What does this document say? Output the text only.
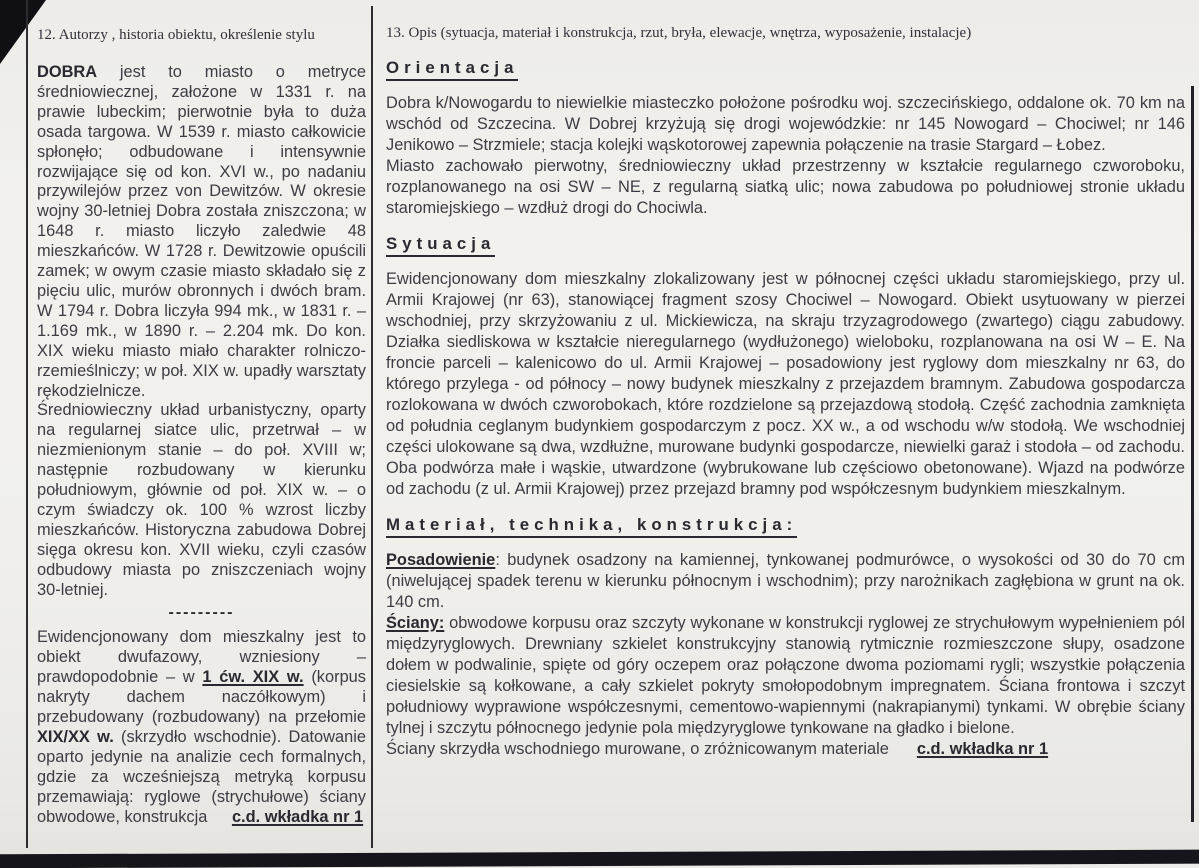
12. Autorzy , historia obiektu, określenie stylu

DOBRA jest to miasto o metryce średniowiecznej, założone w 1331 r. na prawie lubeckim; pierwotnie była to duża osada targowa. W 1539 r. miasto całkowicie spłonęło; odbudowane i intensywnie rozwijające się od kon. XVI w., po nadaniu przywilejów przez von Dewitzów. W okresie wojny 30-letniej Dobra została zniszczona; w 1648 r. miasto liczyło zaledwie 48 mieszkańców. W 1728 r. Dewitzowie opuścili zamek; w owym czasie miasto składało się z pięciu ulic, murów obronnych i dwóch bram. W 1794 r. Dobra liczyła 994 mk., w 1831 r. – 1.169 mk., w 1890 r. – 2.204 mk. Do kon. XIX wieku miasto miało charakter rolniczo-rzemieślniczy; w poł. XIX w. upadły warsztaty rękodzielnicze.

Średniowieczny układ urbanistyczny, oparty na regularnej siatce ulic, przetrwał – w niezmienionym stanie – do poł. XVIII w; następnie rozbudowany w kierunku południowym, głównie od poł. XIX w. – o czym świadczy ok. 100 % wzrost liczby mieszkańców. Historyczna zabudowa Dobrej sięga okresu kon. XVII wieku, czyli czasów odbudowy miasta po zniszczeniach wojny 30-letniej.

---------

Ewidencjonowany dom mieszkalny jest to obiekt dwufazowy, wzniesiony – prawdopodobnie – w 1 ćw. XIX w. (korpus nakryty dachem naczółkowym) i przebudowany (rozbudowany) na przełomie XIX/XX w. (skrzydło wschodnie). Datowanie oparto jedynie na analizie cech formalnych, gdzie za wcześniejszą metryką korpusu przemawiają: ryglowe (strychułowe) ściany obwodowe, konstrukcja c.d. wkładka nr 1

13. Opis (sytuacja, materiał i konstrukcja, rzut, bryła, elewacje, wnętrza, wyposażenie, instalacje)
Orientacja

Dobra k/Nowogardu to niewielkie miasteczko położone pośrodku woj. szczecińskiego, oddalone ok. 70 km na wschód od Szczecina. W Dobrej krzyżują się drogi wojewódzkie: nr 145 Nowogard – Chociwel; nr 146 Jenikowo – Strzmiele; stacja kolejki wąskotorowej zapewnia połączenie na trasie Stargard – Łobez.

Miasto zachowało pierwotny, średniowieczny układ przestrzenny w kształcie regularnego czworoboku, rozplanowanego na osi SW – NE, z regularną siatką ulic; nowa zabudowa po południowej stronie układu staromiejskiego – wzdłuż drogi do Chociwla.

Sytuacja

Ewidencjonowany dom mieszkalny zlokalizowany jest w północnej części układu staromiejskiego, przy ul. Armii Krajowej (nr 63), stanowiącej fragment szosy Chociwel – Nowogard. Obiekt usytuowany w pierzei wschodniej, przy skrzyżowaniu z ul. Mickiewicza, na skraju trzyzagrodowego (zwartego) ciągu zabudowy. Działka siedliskowa w kształcie nieregularnego (wydłużonego) wieloboku, rozplanowana na osi W – E. Na froncie parceli – kalenicowo do ul. Armii Krajowej – posadowiony jest ryglowy dom mieszkalny nr 63, do którego przylega - od północy – nowy budynek mieszkalny z przejazdem bramnym. Zabudowa gospodarcza rozlokowana w dwóch czworobokach, które rozdzielone są przejazdową stodołą. Część zachodnia zamknięta od południa ceglanym budynkiem gospodarczym z pocz. XX w., a od wschodu w/w stodołą. We wschodniej części ulokowane są dwa, wzdłużne, murowane budynki gospodarcze, niewielki garaż i stodoła – od zachodu. Oba podwórza małe i wąskie, utwardzone (wybrukowane lub częściowo obetonowane). Wjazd na podwórze od zachodu (z ul. Armii Krajowej) przez przejazd bramny pod współczesnym budynkiem mieszkalnym.

Materiał, technika, konstrukcja:

Posadowienie: budynek osadzony na kamiennej, tynkowanej podmurówce, o wysokości od 30 do 70 cm (niwelującej spadek terenu w kierunku północnym i wschodnim); przy narożnikach zagłębiona w grunt na ok. 140 cm.

Ściany: obwodowe korpusu oraz szczyty wykonane w konstrukcji ryglowej ze strychułowym wypełnieniem pól międzyryglowych. Drewniany szkielet konstrukcyjny stanowią rytmicznie rozmieszczone słupy, osadzone dołem w podwalinie, spięte od góry oczepem oraz połączone dwoma poziomami rygli; wszystkie połączenia ciesielskie są kołkowane, a cały szkielet pokryty smołopodobnym impregnatem. Ściana frontowa i szczyt południowy wyprawione współczesnymi, cementowo-wapiennymi (nakrapianymi) tynkami. W obrębie ściany tylnej i szczytu północnego jedynie pola międzyryglowe tynkowane na gładko i bielone.

Ściany skrzydła wschodniego murowane, o zróżnicowanym materiale c.d. wkładka nr 1
